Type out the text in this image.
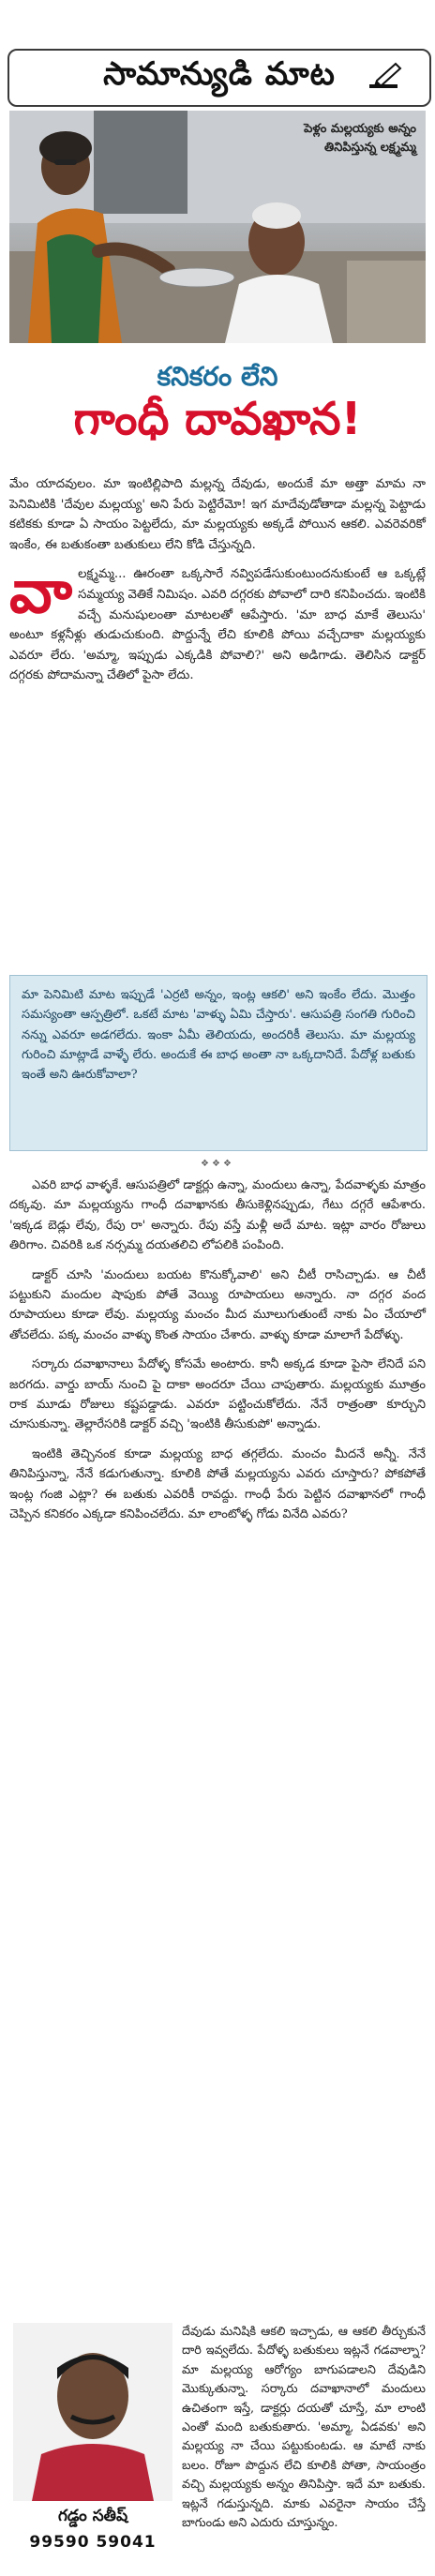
సామాన్యుడి మాట
పెళ్లం మల్లయ్యకు అన్నం తినిపిస్తున్న లక్ష్మమ్మ
కనికరం లేని
గాంధీ దావఖాన!

మేం యాదవులం. మా ఇంటిల్లిపాది మల్లన్న దేవుడు, అందుకే మా అత్తా మామ నా పెనిమిటికి 'దేవుల మల్లయ్య' అని పేరు పెట్టిరేమో! ఇగ మాదేవుడోతాడా మల్లన్న పెట్టాడు కటికకు కూడా ఏ సాయం పెట్టలేదు, మా మల్లయ్యకు అక్కడే పోయిన ఆకలి. ఎవరెవరికో ఇంకేం, ఈ బతుకంతా బతుకులు లేని కోడి చేస్తున్నది.

వా లక్ష్మమ్మ... ఊరంతా ఒక్కసారే నవ్విపడేసుకుంటుందనుకుంటే ఆ ఒక్కట్లే సమ్మయ్య వెతికే నిమిషం. ఎవరి దగ్గరకు పోవాలో దారి కనిపించదు. ఇంటికి వచ్చే మనుషులంతా మాటలతో ఆపేస్తారు. 'మా బాధ మాకే తెలుసు' అంటూ కళ్లనీళ్లు తుడుచుకుంది. పొద్దున్నే లేచి కూలికి పోయి వచ్చేదాకా మల్లయ్యకు ఎవరూ లేరు. 'అమ్మా, ఇప్పుడు ఎక్కడికి పోవాలి?' అని అడిగాడు. తెలిసిన డాక్టర్ దగ్గరకు పోదామన్నా చేతిలో పైసా లేదు.

మా పెనిమిటి మాట ఇప్పుడే 'ఎర్రటి అన్నం, ఇంట్ల ఆకలి' అని ఇంకేం లేదు. మొత్తం సమస్యంతా ఆస్పత్రిలో. ఒకటే మాట 'వాళ్ళు ఏమి చేస్తారు'. ఆసుపత్రి సంగతి గురించి నన్ను ఎవరూ అడగలేదు. ఇంకా ఏమీ తెలియదు, అందరికీ తెలుసు. మా మల్లయ్య గురించి మాట్లాడే వాళ్ళే లేరు. అందుకే ఈ బాధ అంతా నా ఒక్కదానిదే. పేదోళ్ల బతుకు ఇంతే అని ఊరుకోవాలా?
❖❖❖

ఎవరి బాధ వాళ్ళకే. ఆసుపత్రిలో డాక్టర్లు ఉన్నా, మందులు ఉన్నా, పేదవాళ్ళకు మాత్రం దక్కవు. మా మల్లయ్యను గాంధీ దవాఖానకు తీసుకెళ్లినప్పుడు, గేటు దగ్గరే ఆపేశారు. 'ఇక్కడ బెడ్లు లేవు, రేపు రా' అన్నారు. రేపు వస్తే మళ్లీ అదే మాట. ఇట్లా వారం రోజులు తిరిగాం. చివరికి ఒక నర్సమ్మ దయతలిచి లోపలికి పంపింది.

డాక్టర్ చూసి 'మందులు బయట కొనుక్కోవాలి' అని చీటీ రాసిచ్చాడు. ఆ చీటీ పట్టుకుని మందుల షాపుకు పోతే వెయ్యి రూపాయలు అన్నారు. నా దగ్గర వంద రూపాయలు కూడా లేవు. మల్లయ్య మంచం మీద మూలుగుతుంటే నాకు ఏం చేయాలో తోచలేదు. పక్క మంచం వాళ్ళు కొంత సాయం చేశారు. వాళ్ళు కూడా మాలాగే పేదోళ్ళు.

సర్కారు దవాఖానాలు పేదోళ్ళ కోసమే అంటారు. కానీ అక్కడ కూడా పైసా లేనిదే పని జరగదు. వార్డు బాయ్ నుంచి పై దాకా అందరూ చేయి చాపుతారు. మల్లయ్యకు మూత్రం రాక మూడు రోజులు కష్టపడ్డాడు. ఎవరూ పట్టించుకోలేదు. నేనే రాత్రంతా కూర్చుని చూసుకున్నా. తెల్లారేసరికి డాక్టర్ వచ్చి 'ఇంటికి తీసుకుపో' అన్నాడు.

ఇంటికి తెచ్చినంక కూడా మల్లయ్య బాధ తగ్గలేదు. మంచం మీదనే అన్నీ. నేనే తినిపిస్తున్నా, నేనే కడుగుతున్నా. కూలికి పోతే మల్లయ్యను ఎవరు చూస్తారు? పోకపోతే ఇంట్ల గంజి ఎట్లా? ఈ బతుకు ఎవరికీ రావద్దు. గాంధీ పేరు పెట్టిన దవాఖానలో గాంధీ చెప్పిన కనికరం ఎక్కడా కనిపించలేదు. మా లాంటోళ్ళ గోడు వినేది ఎవరు?

గడ్డం సతీష్
99590 59041
దేవుడు మనిషికి ఆకలి ఇచ్చాడు, ఆ ఆకలి తీర్చుకునే దారి ఇవ్వలేదు. పేదోళ్ళ బతుకులు ఇట్లనే గడవాల్నా? మా మల్లయ్య ఆరోగ్యం బాగుపడాలని దేవుడిని మొక్కుతున్నా. సర్కారు దవాఖానాలో మందులు ఉచితంగా ఇస్తే, డాక్టర్లు దయతో చూస్తే, మా లాంటి ఎంతో మంది బతుకుతారు. 'అమ్మా, ఏడవకు' అని మల్లయ్య నా చేయి పట్టుకుంటడు. ఆ మాటే నాకు బలం. రోజూ పొద్దున లేచి కూలికి పోతా, సాయంత్రం వచ్చి మల్లయ్యకు అన్నం తినిపిస్తా. ఇదే మా బతుకు. ఇట్లనే గడుస్తున్నది. మాకు ఎవరైనా సాయం చేస్తే బాగుండు అని ఎదురు చూస్తున్నం.
